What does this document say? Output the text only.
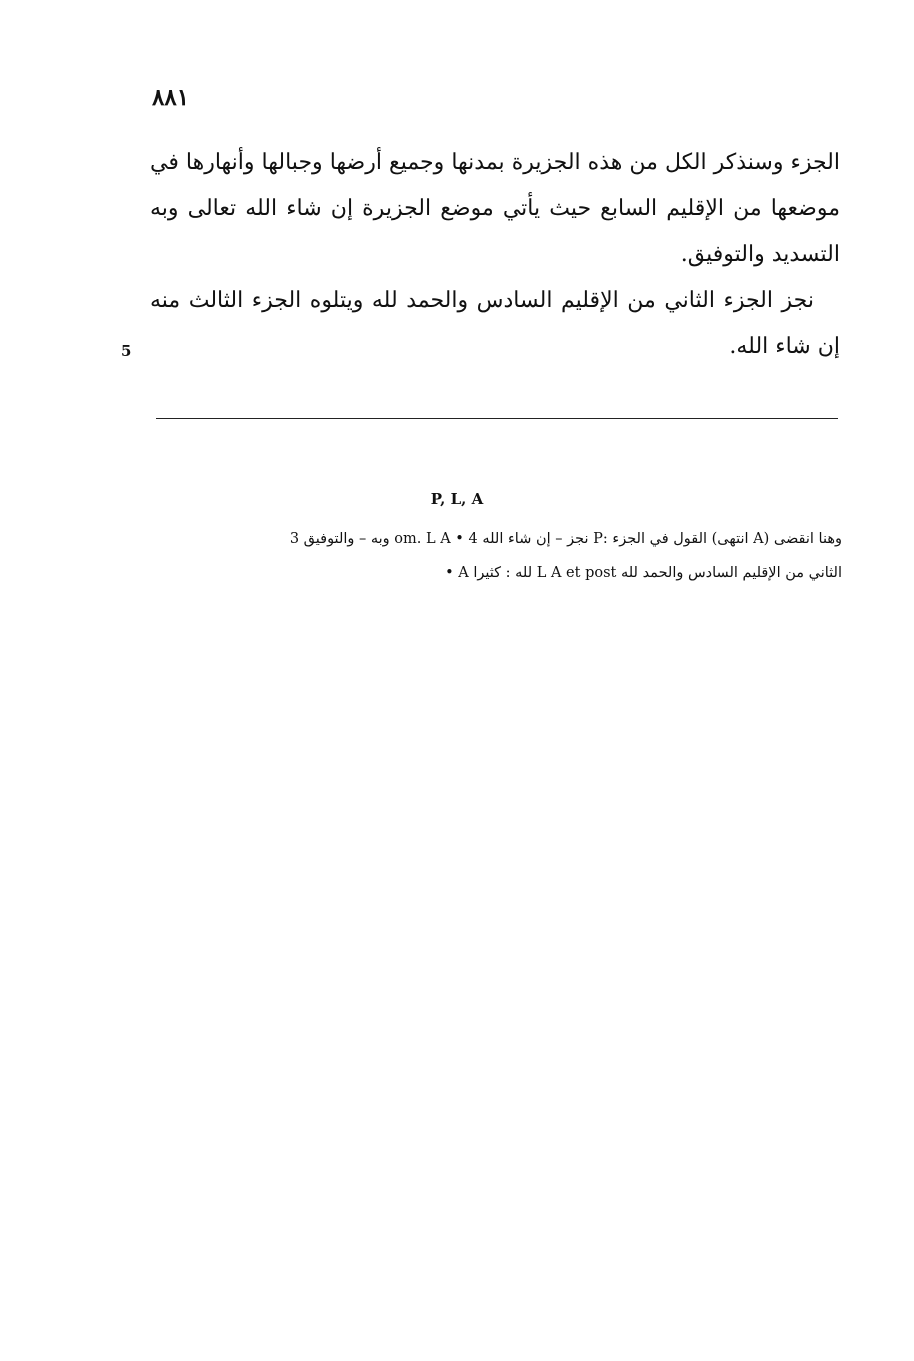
٨٨١

الجزء وسنذكر الكل من هذه الجزيرة بمدنها وجميع أرضها وجبالها وأنهارها في موضعها من الإقليم السابع حيث يأتي موضع الجزيرة إن شاء الله تعالى وبه التسديد والتوفيق.

نجز الجزء الثاني من الإقليم السادس والحمد لله ويتلوه الجزء الثالث منه إن شاء الله.

5
P, L, A

وهنا انقضى (A انتهى) القول في الجزء :P نجز – إن شاء الله 4 • om. L A وبه – والتوفيق 3

الثاني من الإقليم السادس والحمد لله L A et post لله : كثيرا A •
